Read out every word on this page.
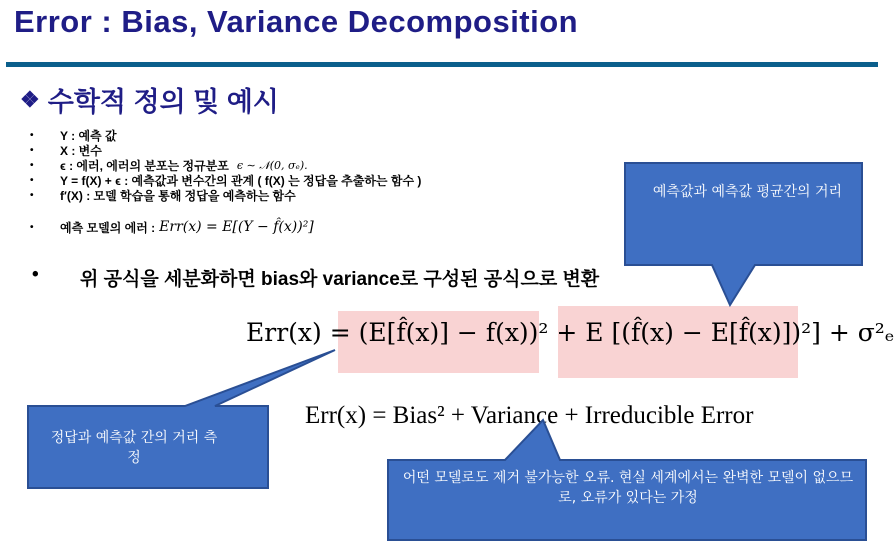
Error : Bias, Variance Decomposition
❖ 수학적 정의 및 예시
•	Y : 예측 값
•	X : 변수
•	ϵ : 에러, 에러의 분포는 정규분포 ϵ ∼ 𝒩(0, σₑ).
•	Y = f(X) + ϵ : 예측값과 변수간의 관계 ( f(X) 는 정답을 추출하는 함수 )
•	f′(X) : 모델 학습을 통해 정답을 예측하는 함수
•	예측 모델의 에러 : Err(x) = E[(Y − f̂(x))²]
•	위 공식을 세분화하면 bias와 variance로 구성된 공식으로 변환
Err(x) = (E[f̂(x)] − f(x))² + E [(f̂(x) − E[f̂(x)])²] + σ²ₑ
Err(x) = Bias² + Variance + Irreducible Error
예측값과 예측값 평균간의 거리
정답과 예측값 간의 거리 측정
어떤 모델로도 제거 불가능한 오류. 현실 세계에서는 완벽한 모델이 없으므로, 오류가 있다는 가정
